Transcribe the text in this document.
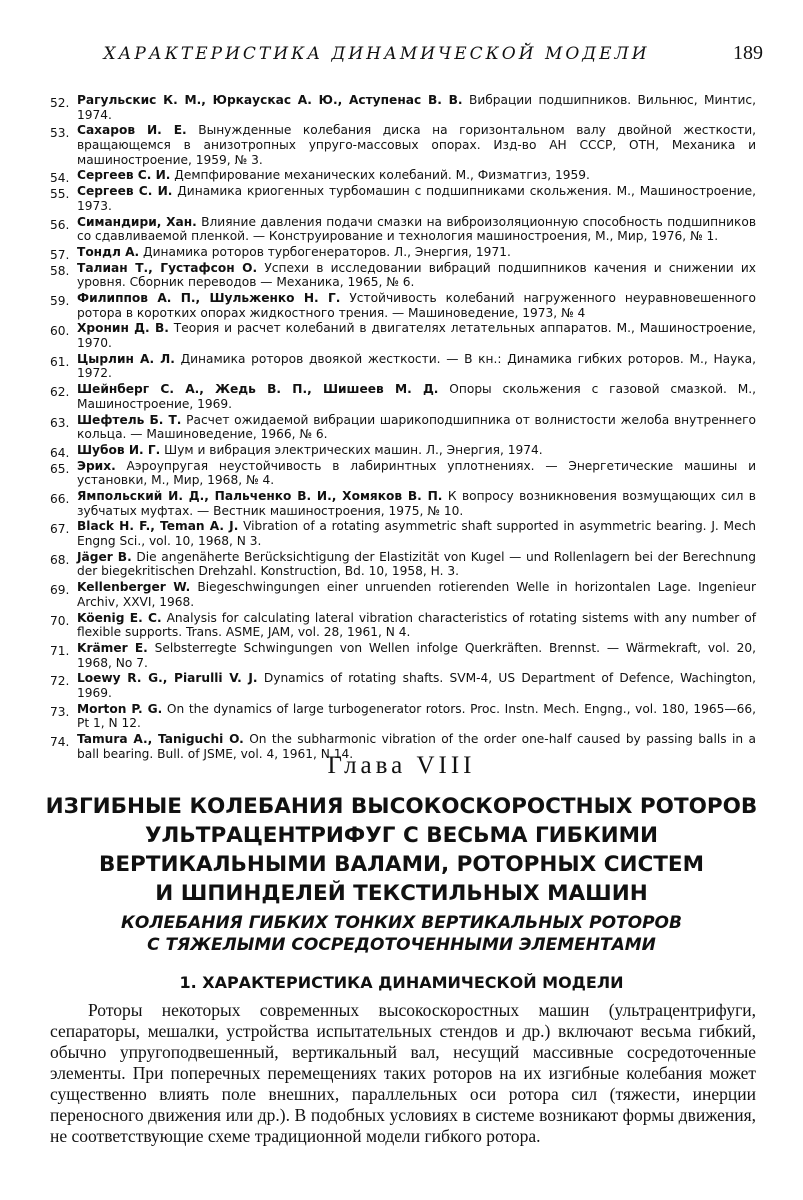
ХАРАКТЕРИСТИКА ДИНАМИЧЕСКОЙ МОДЕЛИ	189
52. Рагульскис К. М., Юркаускас А. Ю., Аступенас В. В. Вибрации подшипников. Вильнюс, Минтис, 1974.
53. Сахаров И. Е. Вынужденные колебания диска на горизонтальном валу двойной жесткости, вращающемся в анизотропных упруго-массовых опорах. Изд-во АН СССР, ОТН, Механика и машиностроение, 1959, № 3.
54. Сергеев С. И. Демпфирование механических колебаний. М., Физматгиз, 1959.
55. Сергеев С. И. Динамика криогенных турбомашин с подшипниками скольжения. М., Машиностроение, 1973.
56. Симандири, Хан. Влияние давления подачи смазки на виброизоляционную способность подшипников со сдавливаемой пленкой. — Конструирование и технология машиностроения, М., Мир, 1976, № 1.
57. Тондл А. Динамика роторов турбогенераторов. Л., Энергия, 1971.
58. Талиан Т., Густафсон О. Успехи в исследовании вибраций подшипников качения и снижении их уровня. Сборник переводов — Механика, 1965, № 6.
59. Филиппов А. П., Шульженко Н. Г. Устойчивость колебаний нагруженного неуравновешенного ротора в коротких опорах жидкостного трения. — Машиноведение, 1973, № 4
60. Хронин Д. В. Теория и расчет колебаний в двигателях летательных аппаратов. М., Машиностроение, 1970.
61. Цырлин А. Л. Динамика роторов двоякой жесткости. — В кн.: Динамика гибких роторов. М., Наука, 1972.
62. Шейнберг С. А., Жедь В. П., Шишеев М. Д. Опоры скольжения с газовой смазкой. М., Машиностроение, 1969.
63. Шефтель Б. Т. Расчет ожидаемой вибрации шарикоподшипника от волнистости желоба внутреннего кольца. — Машиноведение, 1966, № 6.
64. Шубов И. Г. Шум и вибрация электрических машин. Л., Энергия, 1974.
65. Эрих. Аэроупругая неустойчивость в лабиринтных уплотнениях. — Энергетические машины и установки, М., Мир, 1968, № 4.
66. Ямпольский И. Д., Пальченко В. И., Хомяков В. П. К вопросу возникновения возмущающих сил в зубчатых муфтах. — Вестник машиностроения, 1975, № 10.
67. Black H. F., Teman A. J. Vibration of a rotating asymmetric shaft supported in asymmetric bearing. J. Mech Engng Sci., vol. 10, 1968, N 3.
68. Jäger B. Die angenäherte Berücksichtigung der Elastizität von Kugel — und Rollenlagern bei der Berechnung der biegekritischen Drehzahl. Konstruction, Bd. 10, 1958, H. 3.
69. Kellenberger W. Biegeschwingungen einer unruenden rotierenden Welle in horizontalen Lage. Ingenieur Archiv, XXVI, 1968.
70. Köenig E. C. Analysis for calculating lateral vibration characteristics of rotating sistems with any number of flexible supports. Trans. ASME, JAM, vol. 28, 1961, N 4.
71. Krämer E. Selbsterregte Schwingungen von Wellen infolge Querkräften. Brennst. — Wärmekraft, vol. 20, 1968, No 7.
72. Loewy R. G., Piarulli V. J. Dynamics of rotating shafts. SVM-4, US Department of Defence, Wachington, 1969.
73. Morton P. G. On the dynamics of large turbogenerator rotors. Proc. Instn. Mech. Engng., vol. 180, 1965—66, Pt 1, N 12.
74. Tamura A., Taniguchi O. On the subharmonic vibration of the order one-half caused by passing balls in a ball bearing. Bull. of JSME, vol. 4, 1961, N 14.
Глава VIII
ИЗГИБНЫЕ КОЛЕБАНИЯ ВЫСОКОСКОРОСТНЫХ РОТОРОВ
УЛЬТРАЦЕНТРИФУГ С ВЕСЬМА ГИБКИМИ
ВЕРТИКАЛЬНЫМИ ВАЛАМИ, РОТОРНЫХ СИСТЕМ
И ШПИНДЕЛЕЙ ТЕКСТИЛЬНЫХ МАШИН
КОЛЕБАНИЯ ГИБКИХ ТОНКИХ ВЕРТИКАЛЬНЫХ РОТОРОВ
С ТЯЖЕЛЫМИ СОСРЕДОТОЧЕННЫМИ ЭЛЕМЕНТАМИ
1. ХАРАКТЕРИСТИКА ДИНАМИЧЕСКОЙ МОДЕЛИ

Роторы некоторых современных высокоскоростных машин (ультрацентрифуги, сепараторы, мешалки, устройства испытательных стендов и др.) включают весьма гибкий, обычно упругоподвешенный, вертикальный вал, несущий массивные сосредоточенные элементы. При поперечных перемещениях таких роторов на их изгибные колебания может существенно влиять поле внешних, параллельных оси ротора сил (тяжести, инерции переносного движения или др.). В подобных условиях в системе возникают формы движения, не соответствующие схеме традиционной модели гибкого ротора.
